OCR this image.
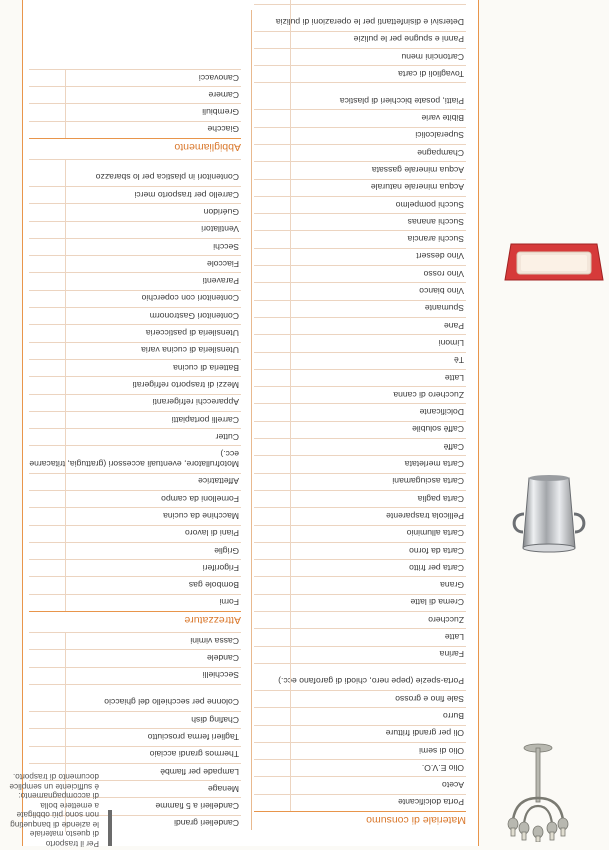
Materiale di consumo
Porta dolcificante
Aceto
Olio E.V.O.
Olio di semi
Oli per grandi fritture
Burro
Sale fino e grosso
Porta-spezie (pepe nero, chiodi di garofano ecc.)
Farina
Latte
Zucchero
Crema di latte
Grana
Carta per fritto
Carta da forno
Carta alluminio
Pellicola trasparente
Carta paglia
Carta asciugamani
Carta merletata
Caffè
Caffè solubile
Dolcificante
Zucchero di canna
Latte
Tè
Limoni
Pane
Spumante
Vino bianco
Vino rosso
Vino dessert
Succhi arancia
Succhi ananas
Succhi pompelmo
Acqua minerale naturale
Acqua minerale gassata
Champagne
Superalcolici
Bibite varie
Piatti, posate bicchieri di plastica
Tovaglioli di carta
Cartoncini menu
Panni e spugne per le pulizie
Detersivi e disinfettanti per le operazioni di pulizia
Candelieri grandi
Candelieri a 5 fiamme
Menage
Lampade per flambè
Thermos grandi acciaio
Taglieri ferma prosciutto
Chafing dish
Colonne per secchiello del ghiaccio
Secchielli
Candele
Cassa vimini
Attrezzature
Forni
Bombole gas
Frigoriferi
Griglie
Piani di lavoro
Macchine da cucina
Fornelloni da campo
Affettatrice
Motofrullatore, eventuali accessori (grattugia, tritacarne ecc.)
Cutter
Carrelli portapiatti
Apparecchi refrigeranti
Mezzi di trasporto refrigerati
Batteria di cucina
Utensileria di cucina varia
Utensileria di pasticceria
Contenitori Gastronorm
Contenitori con coperchio
Paraventi
Fiaccole
Secchi
Ventilatori
Guéridon
Carrello per trasporto merci
Contenitori in plastica per lo sbarazzo
Abbigliamento
Giacche
Grembiuli
Camere
Canovacci
Per il trasporto
di questo materiale
le aziende di banqueting
non sono più obbligate
a emettere bolla
di accompagnamento:
è sufficiente un semplice
documento di trasporto.
